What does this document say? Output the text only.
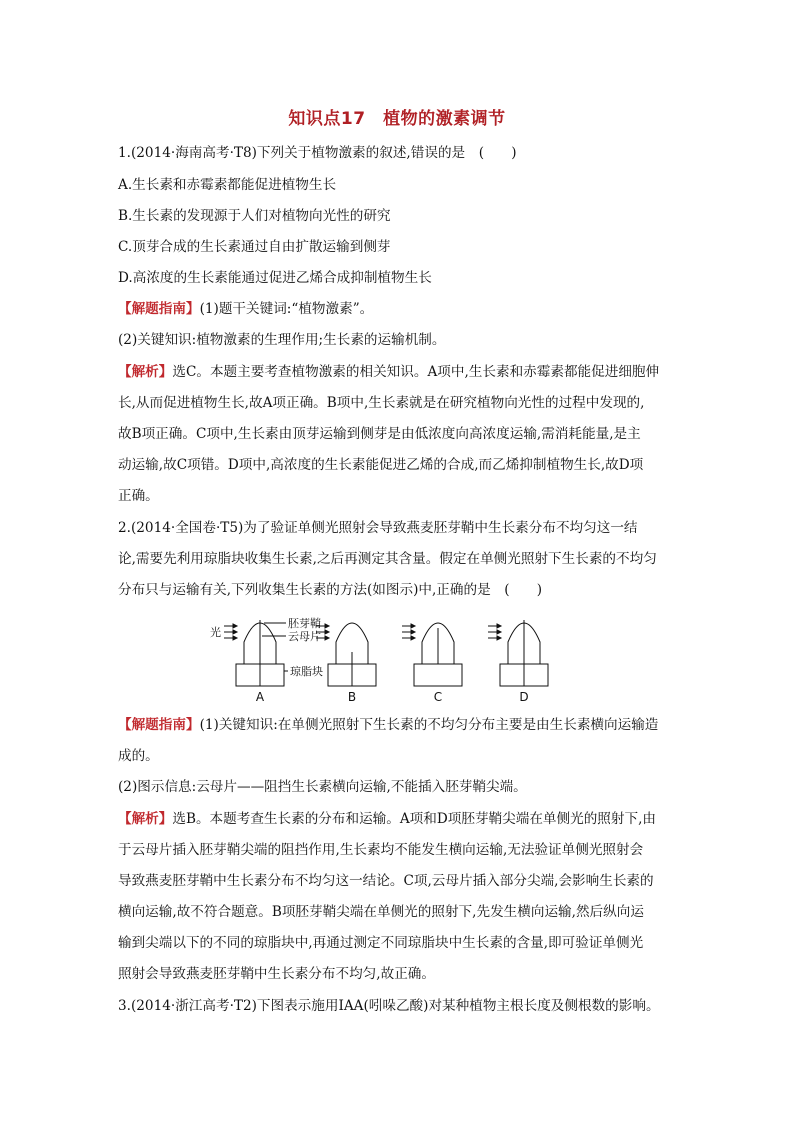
知识点17　植物的激素调节
1.(2014·海南高考·T8)下列关于植物激素的叙述,错误的是　(　　)
A.生长素和赤霉素都能促进植物生长
B.生长素的发现源于人们对植物向光性的研究
C.顶芽合成的生长素通过自由扩散运输到侧芽
D.高浓度的生长素能通过促进乙烯合成抑制植物生长
【解题指南】(1)题干关键词:“植物激素”。
(2)关键知识:植物激素的生理作用;生长素的运输机制。
【解析】选C。本题主要考查植物激素的相关知识。A项中,生长素和赤霉素都能促进细胞伸
长,从而促进植物生长,故A项正确。B项中,生长素就是在研究植物向光性的过程中发现的,
故B项正确。C项中,生长素由顶芽运输到侧芽是由低浓度向高浓度运输,需消耗能量,是主
动运输,故C项错。D项中,高浓度的生长素能促进乙烯的合成,而乙烯抑制植物生长,故D项
正确。
2.(2014·全国卷·T5)为了验证单侧光照射会导致燕麦胚芽鞘中生长素分布不均匀这一结
论,需要先利用琼脂块收集生长素,之后再测定其含量。假定在单侧光照射下生长素的不均匀
分布只与运输有关,下列收集生长素的方法(如图示)中,正确的是　(　　)
光
胚芽鞘
云母片
琼脂块
A	B	C	D
【解题指南】(1)关键知识:在单侧光照射下生长素的不均匀分布主要是由生长素横向运输造
成的。
(2)图示信息:云母片——阻挡生长素横向运输,不能插入胚芽鞘尖端。
【解析】选B。本题考查生长素的分布和运输。A项和D项胚芽鞘尖端在单侧光的照射下,由
于云母片插入胚芽鞘尖端的阻挡作用,生长素均不能发生横向运输,无法验证单侧光照射会
导致燕麦胚芽鞘中生长素分布不均匀这一结论。C项,云母片插入部分尖端,会影响生长素的
横向运输,故不符合题意。B项胚芽鞘尖端在单侧光的照射下,先发生横向运输,然后纵向运
输到尖端以下的不同的琼脂块中,再通过测定不同琼脂块中生长素的含量,即可验证单侧光
照射会导致燕麦胚芽鞘中生长素分布不均匀,故正确。
3.(2014·浙江高考·T2)下图表示施用IAA(吲哚乙酸)对某种植物主根长度及侧根数的影响。
